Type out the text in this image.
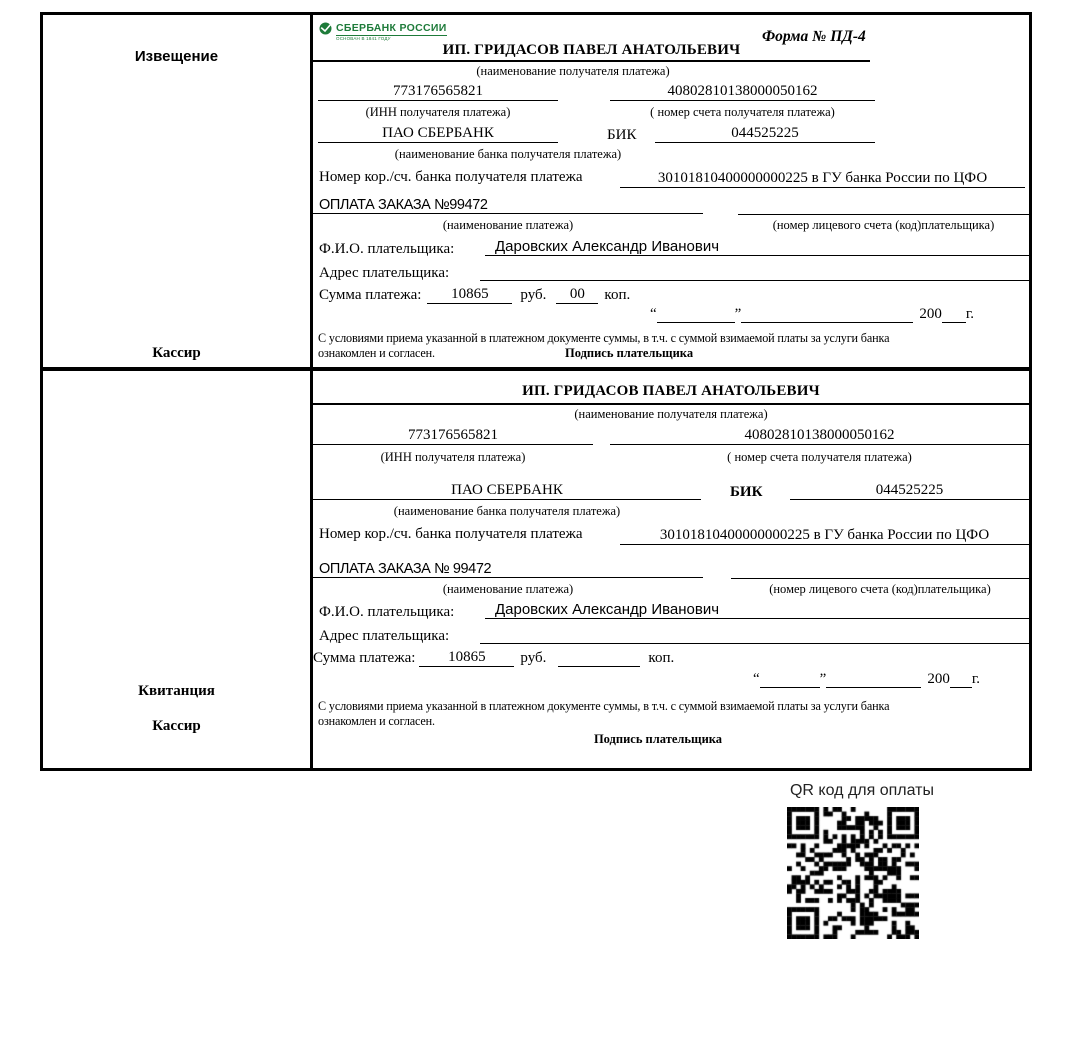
Извещение
Кассир
СБЕРБАНК РОССИИ
ОСНОВАН В 1841 ГОДУ	Форма № ПД-4
ИП. ГРИДАСОВ ПАВЕЛ АНАТОЛЬЕВИЧ
(наименование получателя платежа)
773176565821	40802810138000050162
(ИНН получателя платежа)	( номер счета получателя платежа)
ПАО СБЕРБАНК	БИК	044525225
(наименование банка получателя платежа)
Номер кор./сч. банка получателя платежа	30101810400000000225 в ГУ банка России по ЦФО
ОПЛАТА ЗАКАЗА №99472
(наименование платежа)	(номер лицевого счета (код)плательщика)
Ф.И.О. плательщика:	Даровских Александр Иванович
Адрес плательщика:
Сумма платежа:	10865	руб.	00	коп.
“	”	200 г.
С условиями приема указанной в платежном документе суммы, в т.ч. с суммой взимаемой платы за услуги банка
ознакомлен и согласен.	Подпись плательщика
Квитанция
Кассир
ИП. ГРИДАСОВ ПАВЕЛ АНАТОЛЬЕВИЧ
(наименование получателя платежа)
773176565821	40802810138000050162
(ИНН получателя платежа)	( номер счета получателя платежа)
ПАО СБЕРБАНК	БИК	044525225
(наименование банка получателя платежа)
Номер кор./сч. банка получателя платежа	30101810400000000225 в ГУ банка России по ЦФО
ОПЛАТА ЗАКАЗА № 99472
(наименование платежа)	(номер лицевого счета (код)плательщика)
Ф.И.О. плательщика:	Даровских Александр Иванович
Адрес плательщика:
Сумма платежа:	10865	руб.	коп.
“	”	200 г.
С условиями приема указанной в платежном документе суммы, в т.ч. с суммой взимаемой платы за услуги банка
ознакомлен и согласен.
Подпись плательщика
QR код для оплаты
